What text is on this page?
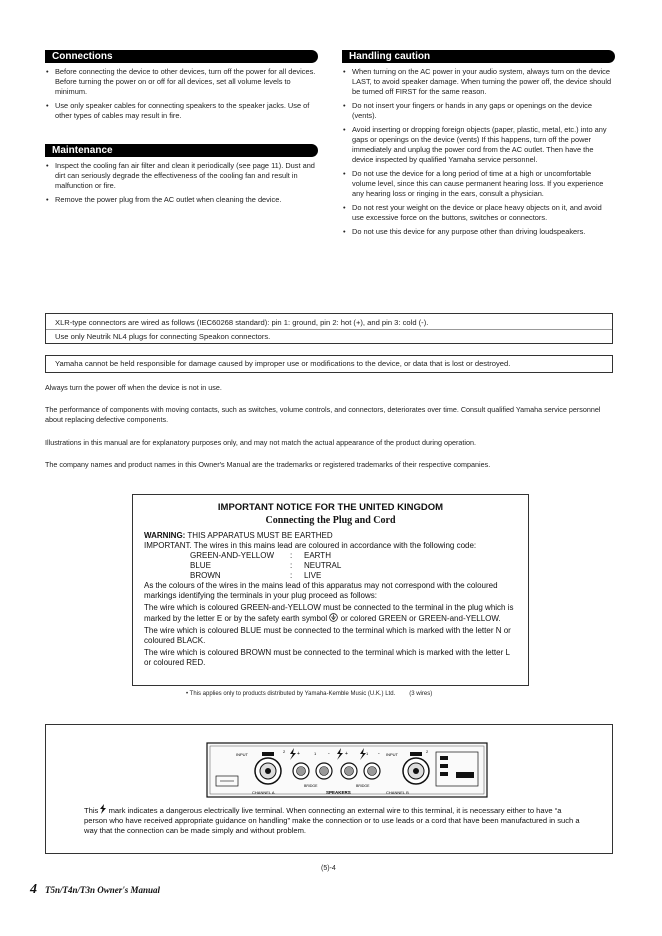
Connections
• Before connecting the device to other devices, turn off the power for all devices. Before turning the power on or off for all devices, set all volume levels to minimum.
• Use only speaker cables for connecting speakers to the speaker jacks. Use of other types of cables may result in fire.
Maintenance
• Inspect the cooling fan air filter and clean it periodically (see page 11). Dust and dirt can seriously degrade the effectiveness of the cooling fan and result in malfunction or fire.
• Remove the power plug from the AC outlet when cleaning the device.
Handling caution
• When turning on the AC power in your audio system, always turn on the device LAST, to avoid speaker damage. When turning the power off, the device should be turned off FIRST for the same reason.
• Do not insert your fingers or hands in any gaps or openings on the device (vents).
• Avoid inserting or dropping foreign objects (paper, plastic, metal, etc.) into any gaps or openings on the device (vents) If this happens, turn off the power immediately and unplug the power cord from the AC outlet. Then have the device inspected by qualified Yamaha service personnel.
• Do not use the device for a long period of time at a high or uncomfortable volume level, since this can cause permanent hearing loss. If you experience any hearing loss or ringing in the ears, consult a physician.
• Do not rest your weight on the device or place heavy objects on it, and avoid use excessive force on the buttons, switches or connectors.
• Do not use this device for any purpose other than driving loudspeakers.
XLR-type connectors are wired as follows (IEC60268 standard): pin 1: ground, pin 2: hot (+), and pin 3: cold (-).
Use only Neutrik NL4 plugs for connecting Speakon connectors.
Yamaha cannot be held responsible for damage caused by improper use or modifications to the device, or data that is lost or destroyed.
Always turn the power off when the device is not in use.
The performance of components with moving contacts, such as switches, volume controls, and connectors, deteriorates over time. Consult qualified Yamaha service personnel about replacing defective components.
Illustrations in this manual are for explanatory purposes only, and may not match the actual appearance of the product during operation.
The company names and product names in this Owner's Manual are the trademarks or registered trademarks of their respective companies.
IMPORTANT NOTICE FOR THE UNITED KINGDOM
Connecting the Plug and Cord

WARNING: THIS APPARATUS MUST BE EARTHED

IMPORTANT. The wires in this mains lead are coloured in accordance with the following code:

GREEN-AND-YELLOW	:	EARTH
BLUE	:	NEUTRAL
BROWN	:	LIVE

As the colours of the wires in the mains lead of this apparatus may not correspond with the coloured markings identifying the terminals in your plug proceed as follows:

The wire which is coloured GREEN-and-YELLOW must be connected to the terminal in the plug which is marked by the letter E or by the safety earth symbol or colored GREEN or GREEN-and-YELLOW.

The wire which is coloured BLUE must be connected to the terminal which is marked with the letter N or coloured BLACK.

The wire which is coloured BROWN must be connected to the terminal which is marked with the letter L or coloured RED.

• This applies only to products distributed by Yamaha-Kemble Music (U.K.) Ltd. (3 wires)
INPUT
2 +	1 -	+	1 -
BRIDGE	BRIDGE
CHANNEL A	SPEAKERS	CHANNEL B
2
INPUT
This mark indicates a dangerous electrically live terminal. When connecting an external wire to this terminal, it is necessary either to have “a person who have received appropriate guidance on handling” make the connection or to use leads or a cord that have been manufactured in such a way that the connection can be made simply and without problem.
(5)-4
4 T5n/T4n/T3n Owner's Manual
